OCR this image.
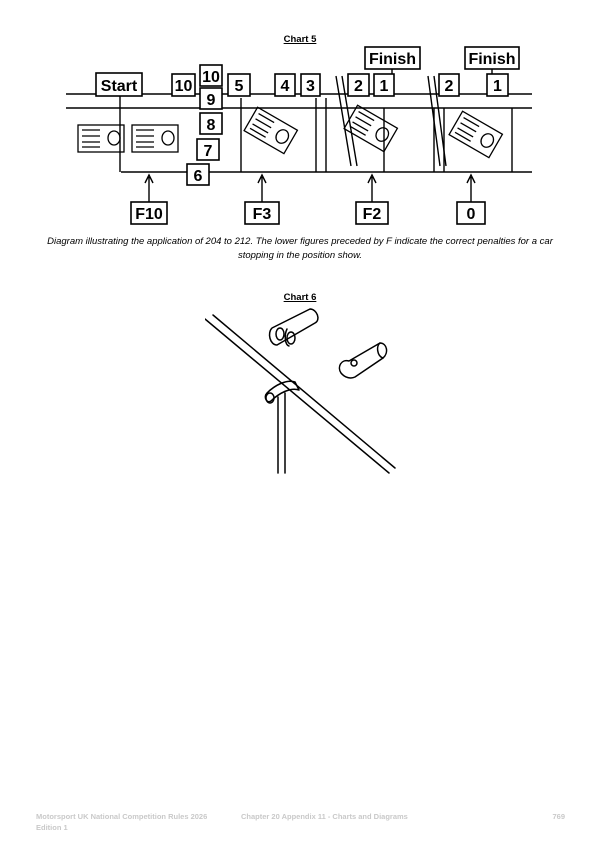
Chart 5
Start 10	5 4 3
Finish
2 1
Finish
2 1
10
9
8
7
6
F10	F3	F2	0
Diagram illustrating the application of 204 to 212. The lower figures preceded by F indicate the correct penalties for a car stopping in the position show.
Chart 6
Motorsport UK National Competition Rules 2026
Edition 1
Chapter 20 Appendix 11 - Charts and Diagrams	769
